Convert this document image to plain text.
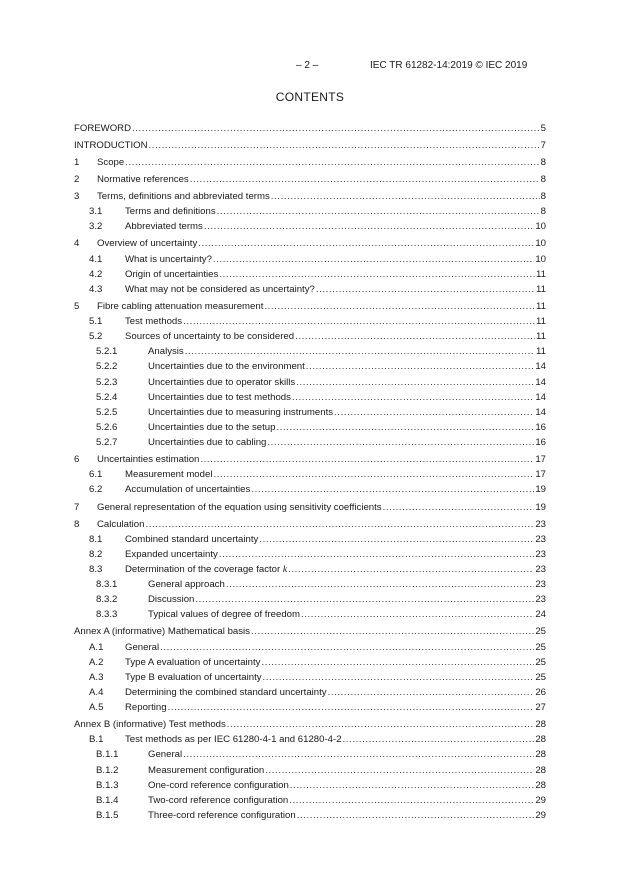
– 2 –	IEC TR 61282-14:2019 © IEC 2019
CONTENTS
FOREWORD .....	5
INTRODUCTION .....	7
1 Scope .....	8
2 Normative references .....	8
3 Terms, definitions and abbreviated terms .....	8
3.1 Terms and definitions .....	8
3.2 Abbreviated terms .....	10
4 Overview of uncertainty .....	10
4.1 What is uncertainty? .....	10
4.2 Origin of uncertainties .....	11
4.3 What may not be considered as uncertainty? .....	11
5 Fibre cabling attenuation measurement .....	11
5.1 Test methods .....	11
5.2 Sources of uncertainty to be considered .....	11
5.2.1	Analysis .....	11
5.2.2	Uncertainties due to the environment .....	14
5.2.3	Uncertainties due to operator skills .....	14
5.2.4	Uncertainties due to test methods .....	14
5.2.5	Uncertainties due to measuring instruments .....	14
5.2.6	Uncertainties due to the setup .....	16
5.2.7	Uncertainties due to cabling .....	16
6 Uncertainties estimation .....	17
6.1 Measurement model .....	17
6.2 Accumulation of uncertainties .....	19
7 General representation of the equation using sensitivity coefficients .....	19
8 Calculation .....	23
8.1 Combined standard uncertainty .....	23
8.2 Expanded uncertainty .....	23
8.3 Determination of the coverage factor k .....	23
8.3.1	General approach .....	23
8.3.2	Discussion .....	23
8.3.3	Typical values of degree of freedom .....	24
Annex A (informative) Mathematical basis .....	25
A.1 General .....	25
A.2 Type A evaluation of uncertainty .....	25
A.3 Type B evaluation of uncertainty .....	25
A.4 Determining the combined standard uncertainty .....	26
A.5 Reporting .....	27
Annex B (informative) Test methods .....	28
B.1 Test methods as per IEC 61280-4-1 and 61280-4-2 .....	28
B.1.1	General .....	28
B.1.2	Measurement configuration .....	28
B.1.3	One-cord reference configuration .....	28
B.1.4	Two-cord reference configuration .....	29
B.1.5	Three-cord reference configuration .....	29
